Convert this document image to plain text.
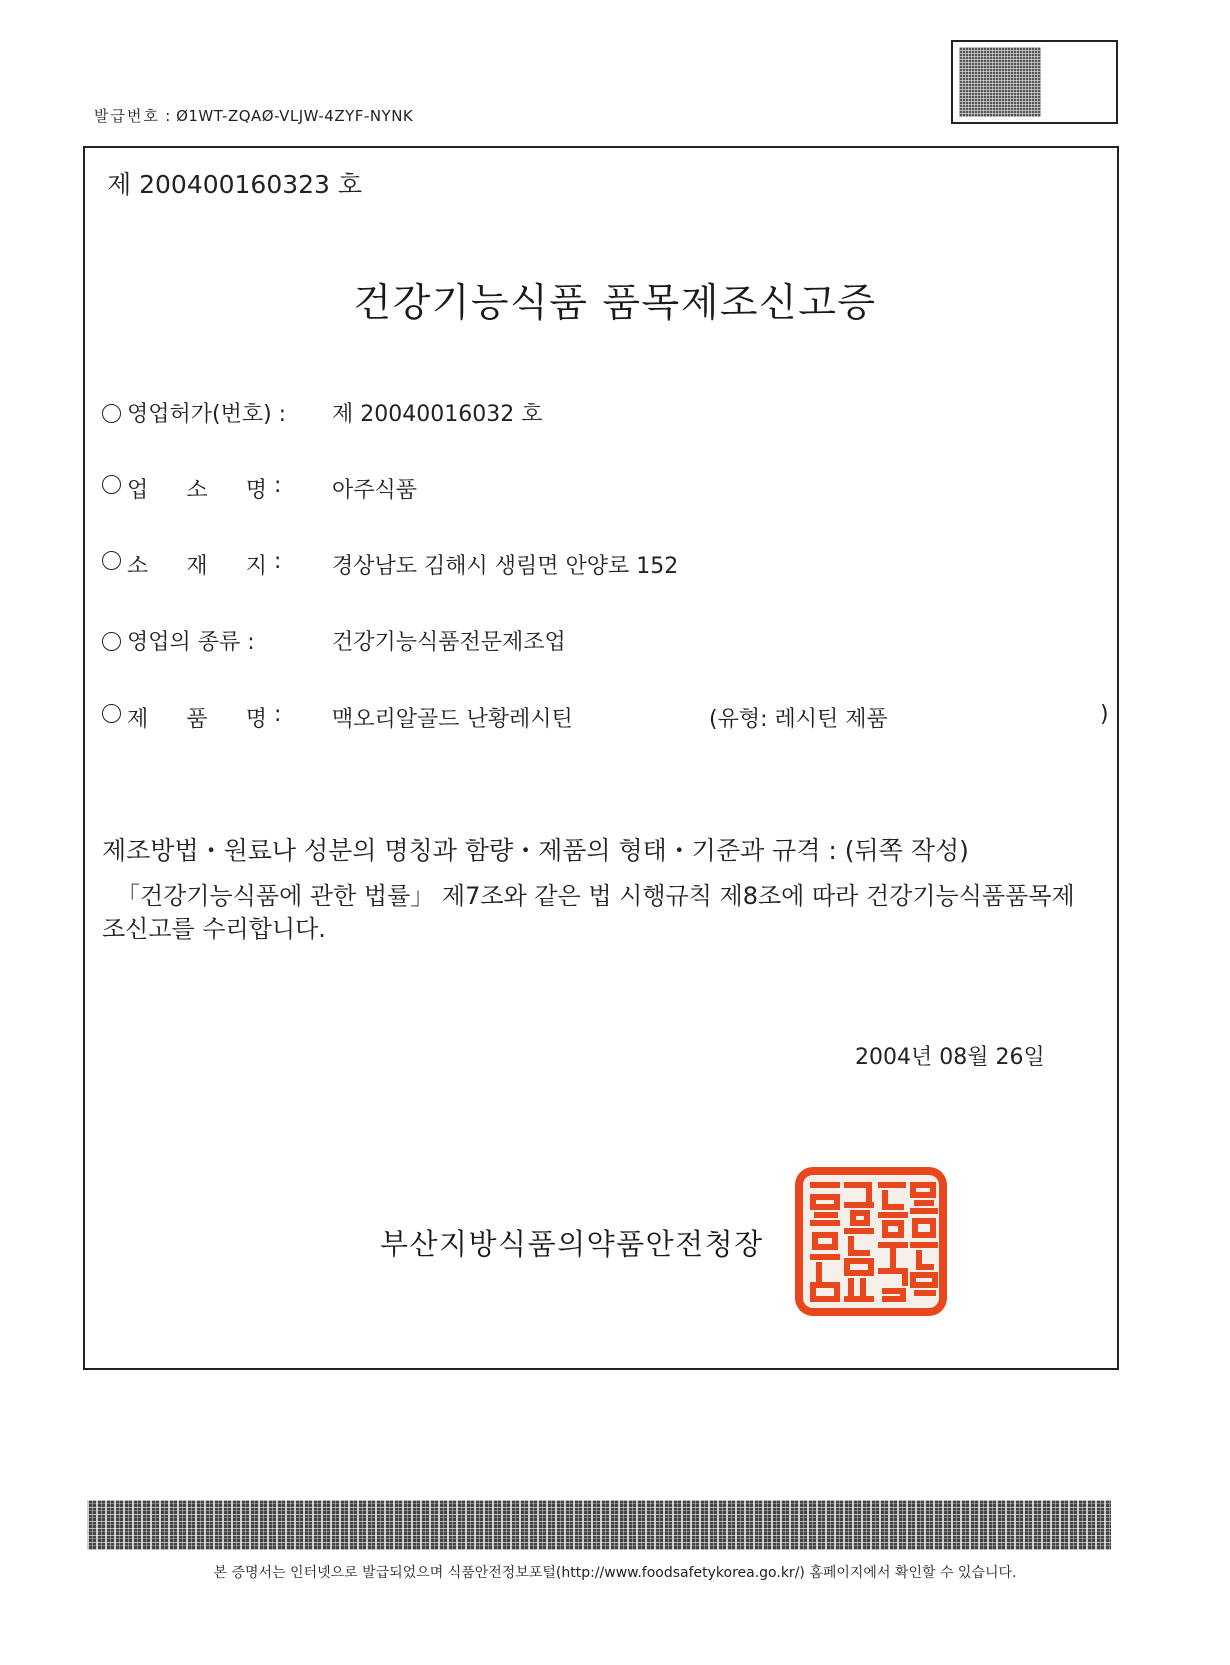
발급번호 : Ø1WT-ZQAØ-VLJW-4ZYF-NYNK
제 200400160323 호
건강기능식품 품목제조신고증
영업허가(번호) : 제 20040016032 호
업 소 명 : 아주식품
소 재 지 : 경상남도 김해시 생림면 안양로 152
영업의 종류 :	건강기능식품전문제조업
제 품 명 : 맥오리알골드 난황레시틴	(유형: 레시틴 제품	)
제조방법・원료나 성분의 명칭과 함량・제품의 형태・기준과 규격 : (뒤쪽 작성)
「건강기능식품에 관한 법률」 제7조와 같은 법 시행규칙 제8조에 따라 건강기능식품품목제조신고를 수리합니다.
2004년 08월 26일
부산지방식품의약품안전청장
본 증명서는 인터넷으로 발급되었으며 식품안전정보포털(http://www.foodsafetykorea.go.kr/) 홈페이지에서 확인할 수 있습니다.
